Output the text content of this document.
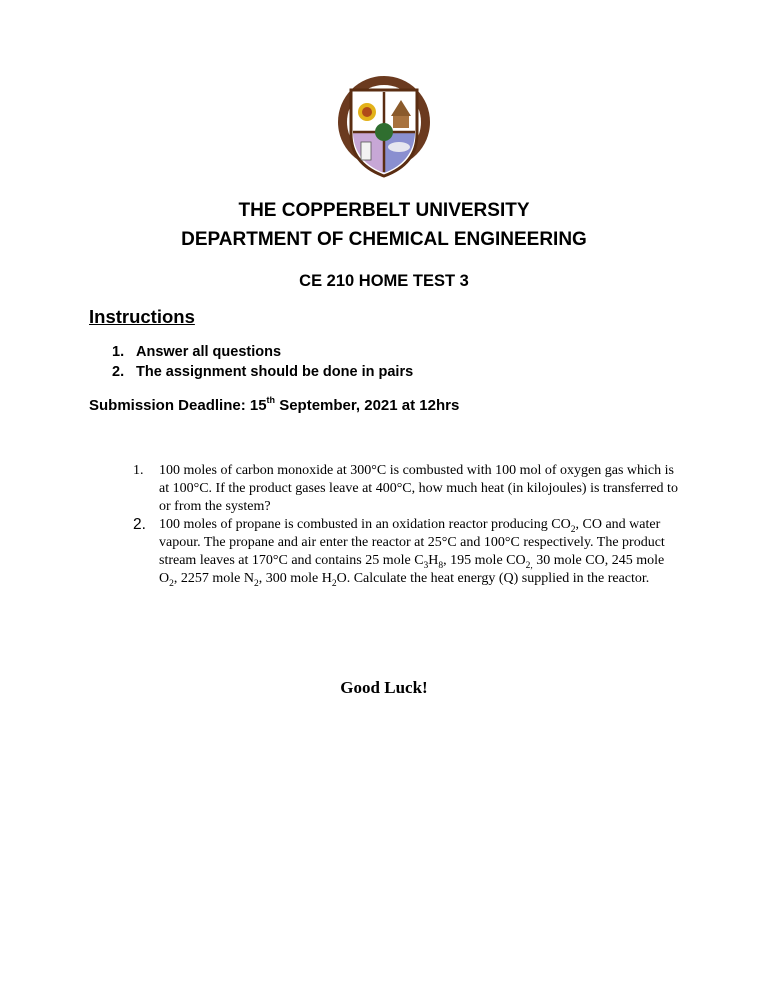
THE COPPERBELT UNIVERSITY
DEPARTMENT OF CHEMICAL ENGINEERING
CE 210 HOME TEST 3
Instructions
1. Answer all questions
2. The assignment should be done in pairs
Submission Deadline: 15th September, 2021 at 12hrs
1. 100 moles of carbon monoxide at 300°C is combusted with 100 mol of oxygen gas which is at 100°C. If the product gases leave at 400°C, how much heat (in kilojoules) is transferred to or from the system?
2. 100 moles of propane is combusted in an oxidation reactor producing $CO_2$, CO and water vapour. The propane and air enter the reactor at 25°C and 100°C respectively. The product stream leaves at 170°C and contains 25 mole $C_3H_8$, 195 mole $CO_{2,}$ 30 mole CO, 245 mole $O_2$, 2257 mole $N_2$, 300 mole $H_2O$. Calculate the heat energy (Q) supplied in the reactor.
Good Luck!
